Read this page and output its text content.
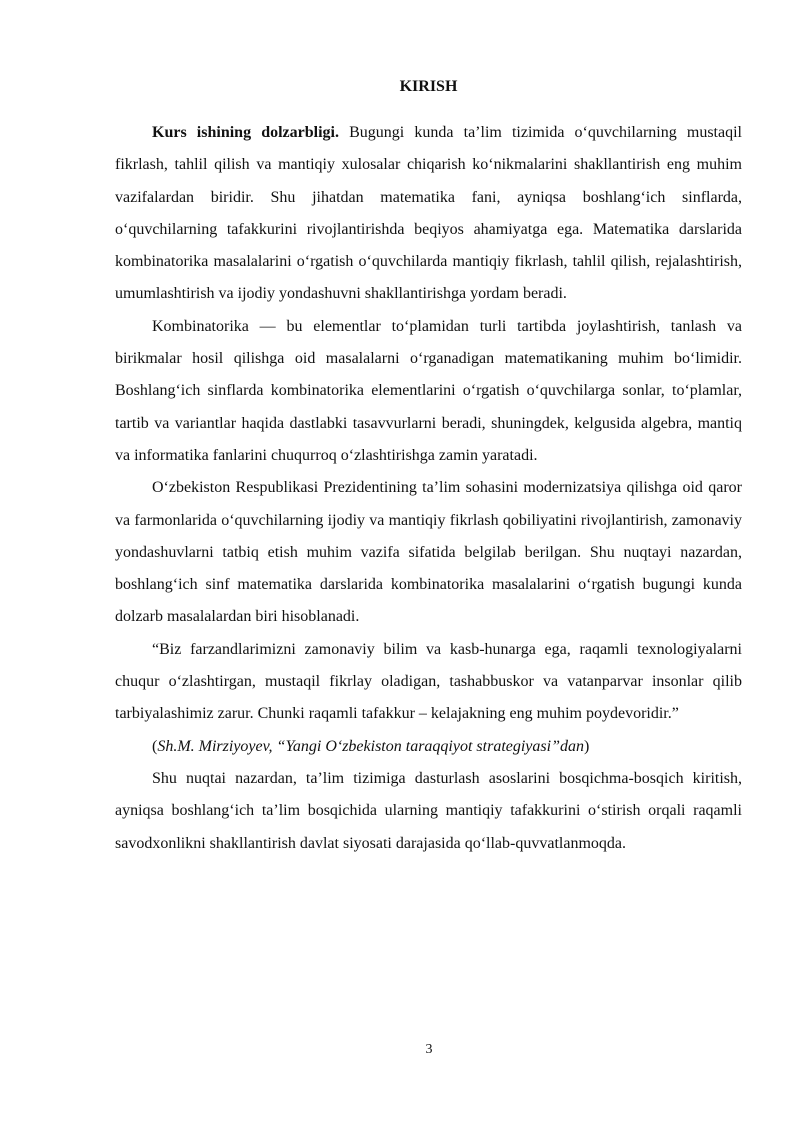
KIRISH

Kurs ishining dolzarbligi. Bugungi kunda ta’lim tizimida o‘quvchilarning mustaqil fikrlash, tahlil qilish va mantiqiy xulosalar chiqarish ko‘nikmalarini shakllantirish eng muhim vazifalardan biridir. Shu jihatdan matematika fani, ayniqsa boshlang‘ich sinflarda, o‘quvchilarning tafakkurini rivojlantirishda beqiyos ahamiyatga ega. Matematika darslarida kombinatorika masalalarini o‘rgatish o‘quvchilarda mantiqiy fikrlash, tahlil qilish, rejalashtirish, umumlashtirish va ijodiy yondashuvni shakllantirishga yordam beradi.

Kombinatorika — bu elementlar to‘plamidan turli tartibda joylashtirish, tanlash va birikmalar hosil qilishga oid masalalarni o‘rganadigan matematikaning muhim bo‘limidir. Boshlang‘ich sinflarda kombinatorika elementlarini o‘rgatish o‘quvchilarga sonlar, to‘plamlar, tartib va variantlar haqida dastlabki tasavvurlarni beradi, shuningdek, kelgusida algebra, mantiq va informatika fanlarini chuqurroq o‘zlashtirishga zamin yaratadi.

O‘zbekiston Respublikasi Prezidentining ta’lim sohasini modernizatsiya qilishga oid qaror va farmonlarida o‘quvchilarning ijodiy va mantiqiy fikrlash qobiliyatini rivojlantirish, zamonaviy yondashuvlarni tatbiq etish muhim vazifa sifatida belgilab berilgan. Shu nuqtayi nazardan, boshlang‘ich sinf matematika darslarida kombinatorika masalalarini o‘rgatish bugungi kunda dolzarb masalalardan biri hisoblanadi.

“Biz farzandlarimizni zamonaviy bilim va kasb-hunarga ega, raqamli texnologiyalarni chuqur o‘zlashtirgan, mustaqil fikrlay oladigan, tashabbuskor va vatanparvar insonlar qilib tarbiyalashimiz zarur. Chunki raqamli tafakkur – kelajakning eng muhim poydevoridir.”

(Sh.M. Mirziyoyev, “Yangi O‘zbekiston taraqqiyot strategiyasi”dan)

Shu nuqtai nazardan, ta’lim tizimiga dasturlash asoslarini bosqichma-bosqich kiritish, ayniqsa boshlang‘ich ta’lim bosqichida ularning mantiqiy tafakkurini o‘stirish orqali raqamli savodxonlikni shakllantirish davlat siyosati darajasida qo‘llab-quvvatlanmoqda.

3
